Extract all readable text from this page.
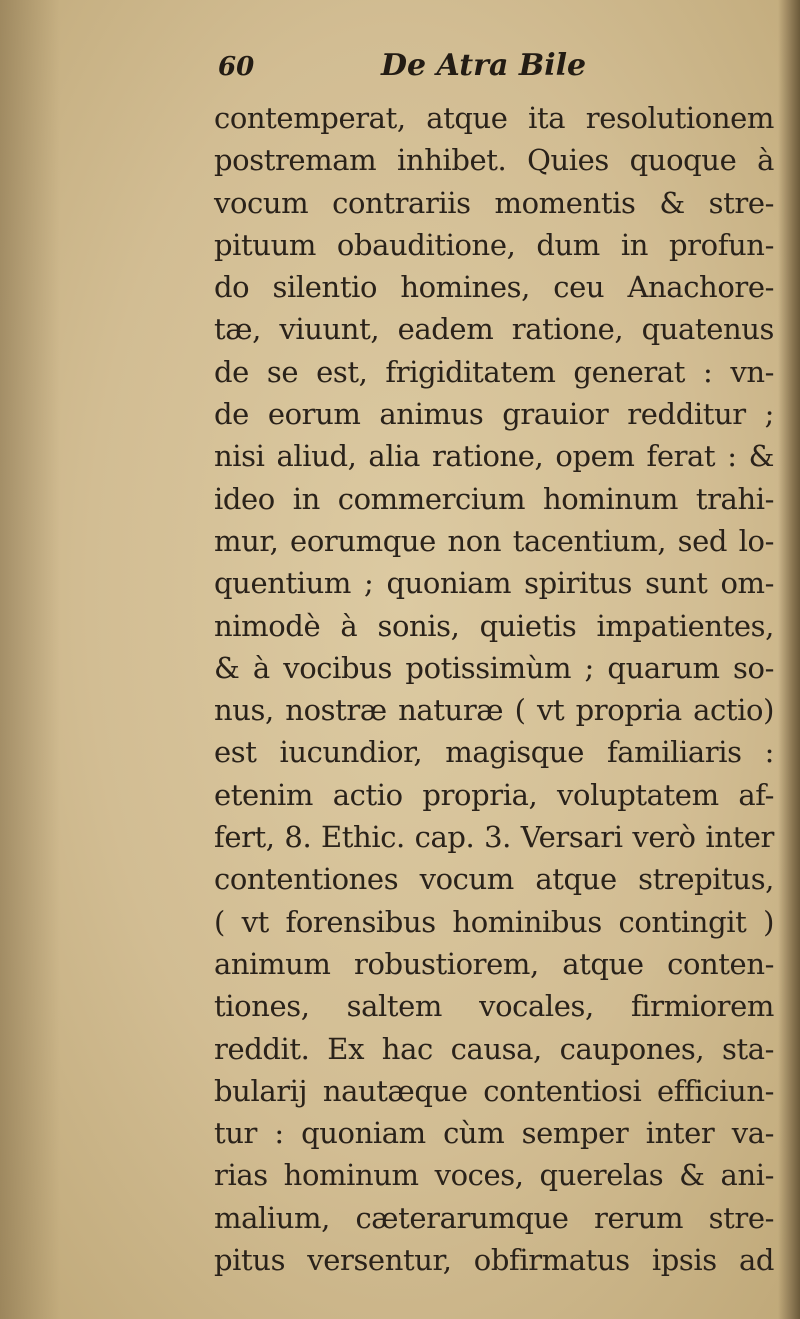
60	De Atra Bile
contemperat, atque ita resolutionem
postremam inhibet. Quies quoque à
vocum contrariis momentis & stre-
pituum obauditione, dum in profun-
do silentio homines, ceu Anachore-
tæ, viuunt, eadem ratione, quatenus
de se est, frigiditatem generat : vn-
de eorum animus grauior redditur ;
nisi aliud, alia ratione, opem ferat : &
ideo in commercium hominum trahi-
mur, eorumque non tacentium, sed lo-
quentium ; quoniam spiritus sunt om-
nimodè à sonis, quietis impatientes,
& à vocibus potissimùm ; quarum so-
nus, nostræ naturæ ( vt propria actio)
est iucundior, magisque familiaris :
etenim actio propria, voluptatem af-
fert, 8. Ethic. cap. 3. Versari verò inter
contentiones vocum atque strepitus,
( vt forensibus hominibus contingit )
animum robustiorem, atque conten-
tiones, saltem vocales, firmiorem
reddit. Ex hac causa, caupones, sta-
bularij nautæque contentiosi efficiun-
tur : quoniam cùm semper inter va-
rias hominum voces, querelas & ani-
malium, cæterarumque rerum stre-
pitus versentur, obfirmatus ipsis ad
